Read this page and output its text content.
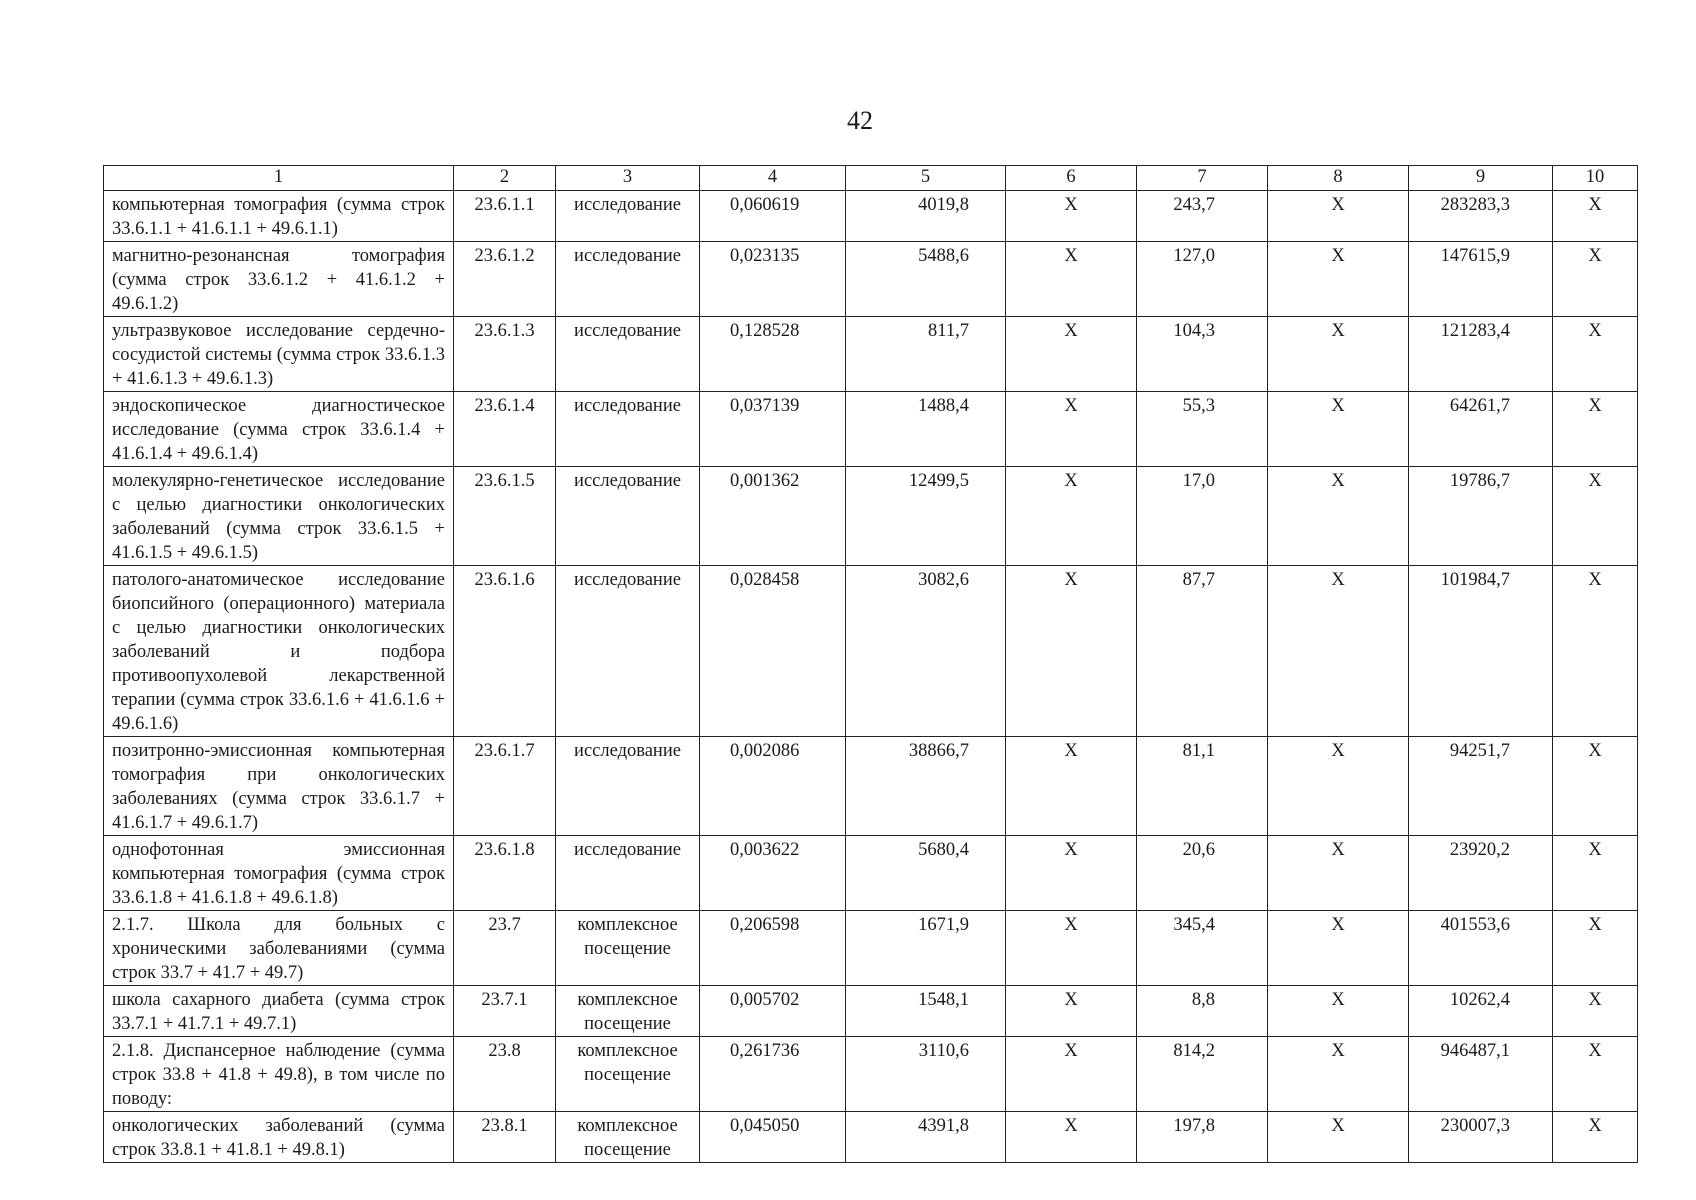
42
1	2	3	4	5	6	7	8	9	10
компьютерная томография (сумма строк 33.6.1.1 + 41.6.1.1 + 49.6.1.1)	23.6.1.1	исследование	0,060619	4019,8	Х	243,7	Х	283283,3	Х
магнитно-резонансная томография (сумма строк 33.6.1.2 + 41.6.1.2 + 49.6.1.2)	23.6.1.2	исследование	0,023135	5488,6	Х	127,0	Х	147615,9	Х
ультразвуковое исследование сердечно-сосудистой системы (сумма строк 33.6.1.3 + 41.6.1.3 + 49.6.1.3)	23.6.1.3	исследование	0,128528	811,7	Х	104,3	Х	121283,4	Х
эндоскопическое диагностическое исследование (сумма строк 33.6.1.4 + 41.6.1.4 + 49.6.1.4)	23.6.1.4	исследование	0,037139	1488,4	Х	55,3	Х	64261,7	Х
молекулярно-генетическое исследование с целью диагностики онкологических заболеваний (сумма строк 33.6.1.5 + 41.6.1.5 + 49.6.1.5)	23.6.1.5	исследование	0,001362	12499,5	Х	17,0	Х	19786,7	Х
патолого-анатомическое исследование биопсийного (операционного) материала с целью диагностики онкологических заболеваний и подбора противоопухолевой лекарственной терапии (сумма строк 33.6.1.6 + 41.6.1.6 + 49.6.1.6)	23.6.1.6	исследование	0,028458	3082,6	Х	87,7	Х	101984,7	Х
позитронно-эмиссионная компьютерная томография при онкологических заболеваниях (сумма строк 33.6.1.7 + 41.6.1.7 + 49.6.1.7)	23.6.1.7	исследование	0,002086	38866,7	Х	81,1	Х	94251,7	Х
однофотонная эмиссионная компьютерная томография (сумма строк 33.6.1.8 + 41.6.1.8 + 49.6.1.8)	23.6.1.8	исследование	0,003622	5680,4	Х	20,6	Х	23920,2	Х
2.1.7. Школа для больных с хроническими заболеваниями (сумма строк 33.7 + 41.7 + 49.7)	23.7	комплексное посещение	0,206598	1671,9	Х	345,4	Х	401553,6	Х
школа сахарного диабета (сумма строк 33.7.1 + 41.7.1 + 49.7.1)	23.7.1	комплексное посещение	0,005702	1548,1	Х	8,8	Х	10262,4	Х
2.1.8. Диспансерное наблюдение (сумма строк 33.8 + 41.8 + 49.8), в том числе по поводу:	23.8	комплексное посещение	0,261736	3110,6	Х	814,2	Х	946487,1	Х
онкологических заболеваний (сумма строк 33.8.1 + 41.8.1 + 49.8.1)	23.8.1	комплексное посещение	0,045050	4391,8	Х	197,8	Х	230007,3	Х
